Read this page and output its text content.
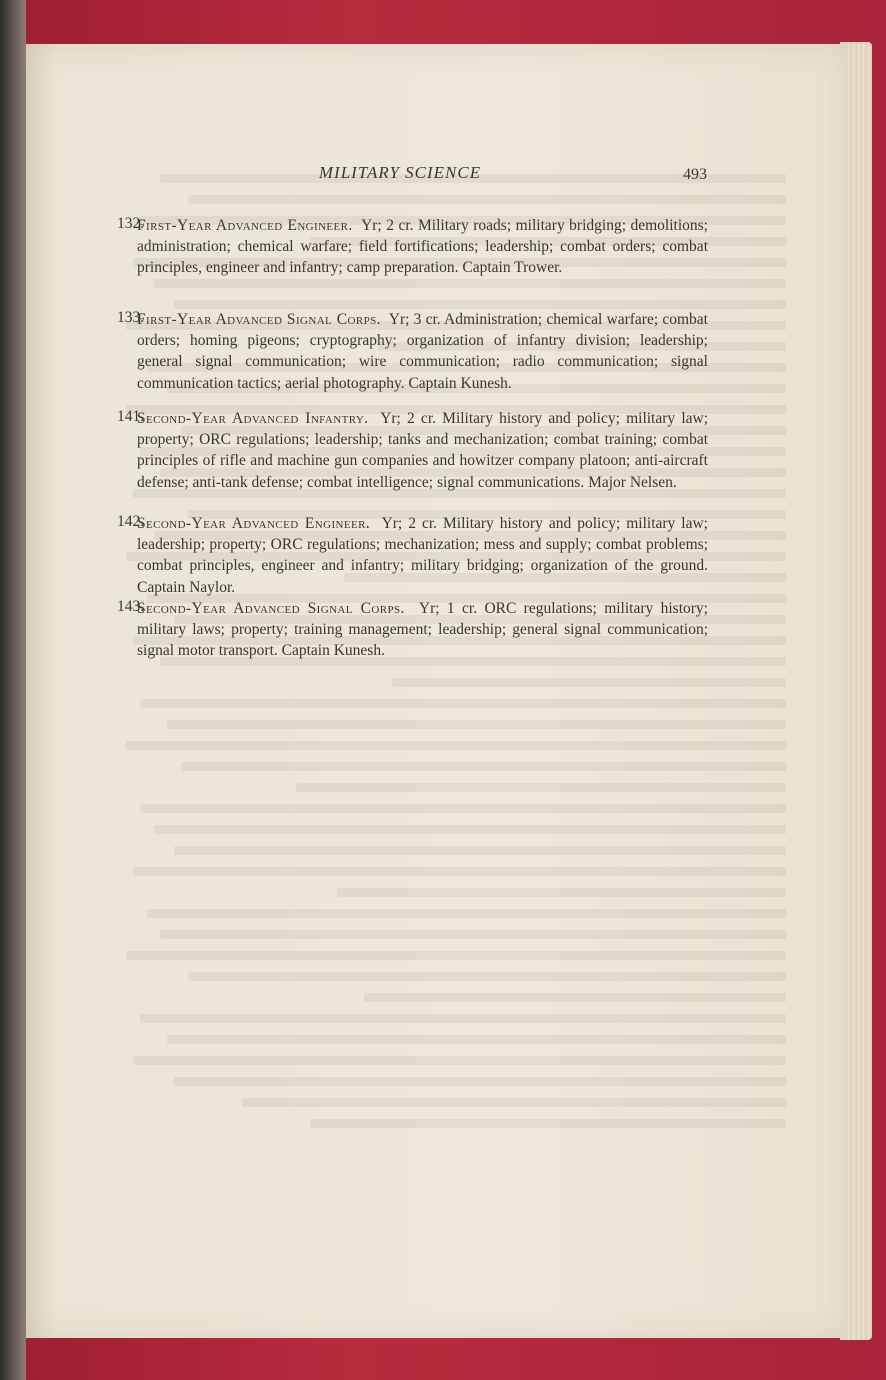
MILITARY SCIENCE	493
132.
First-Year Advanced Engineer. Yr; 2 cr. Military roads; military bridging; demolitions; administration; chemical warfare; field fortifications; leadership; combat orders; combat principles, engineer and infantry; camp preparation. Captain Trower.
133.
First-Year Advanced Signal Corps. Yr; 3 cr. Administration; chemical warfare; combat orders; homing pigeons; cryptography; organization of infantry division; leadership; general signal communication; wire communication; radio communication; signal communication tactics; aerial photography. Captain Kunesh.
141.
Second-Year Advanced Infantry. Yr; 2 cr. Military history and policy; military law; property; ORC regulations; leadership; tanks and mechanization; combat training; combat principles of rifle and machine gun companies and howitzer company platoon; anti-aircraft defense; anti-tank defense; combat intelligence; signal communications. Major Nelsen.
142.
Second-Year Advanced Engineer. Yr; 2 cr. Military history and policy; military law; leadership; property; ORC regulations; mechanization; mess and supply; combat problems; combat principles, engineer and infantry; military bridging; organization of the ground. Captain Naylor.
143.
Second-Year Advanced Signal Corps. Yr; 1 cr. ORC regulations; military history; military laws; property; training management; leadership; general signal communication; signal motor transport. Captain Kunesh.
